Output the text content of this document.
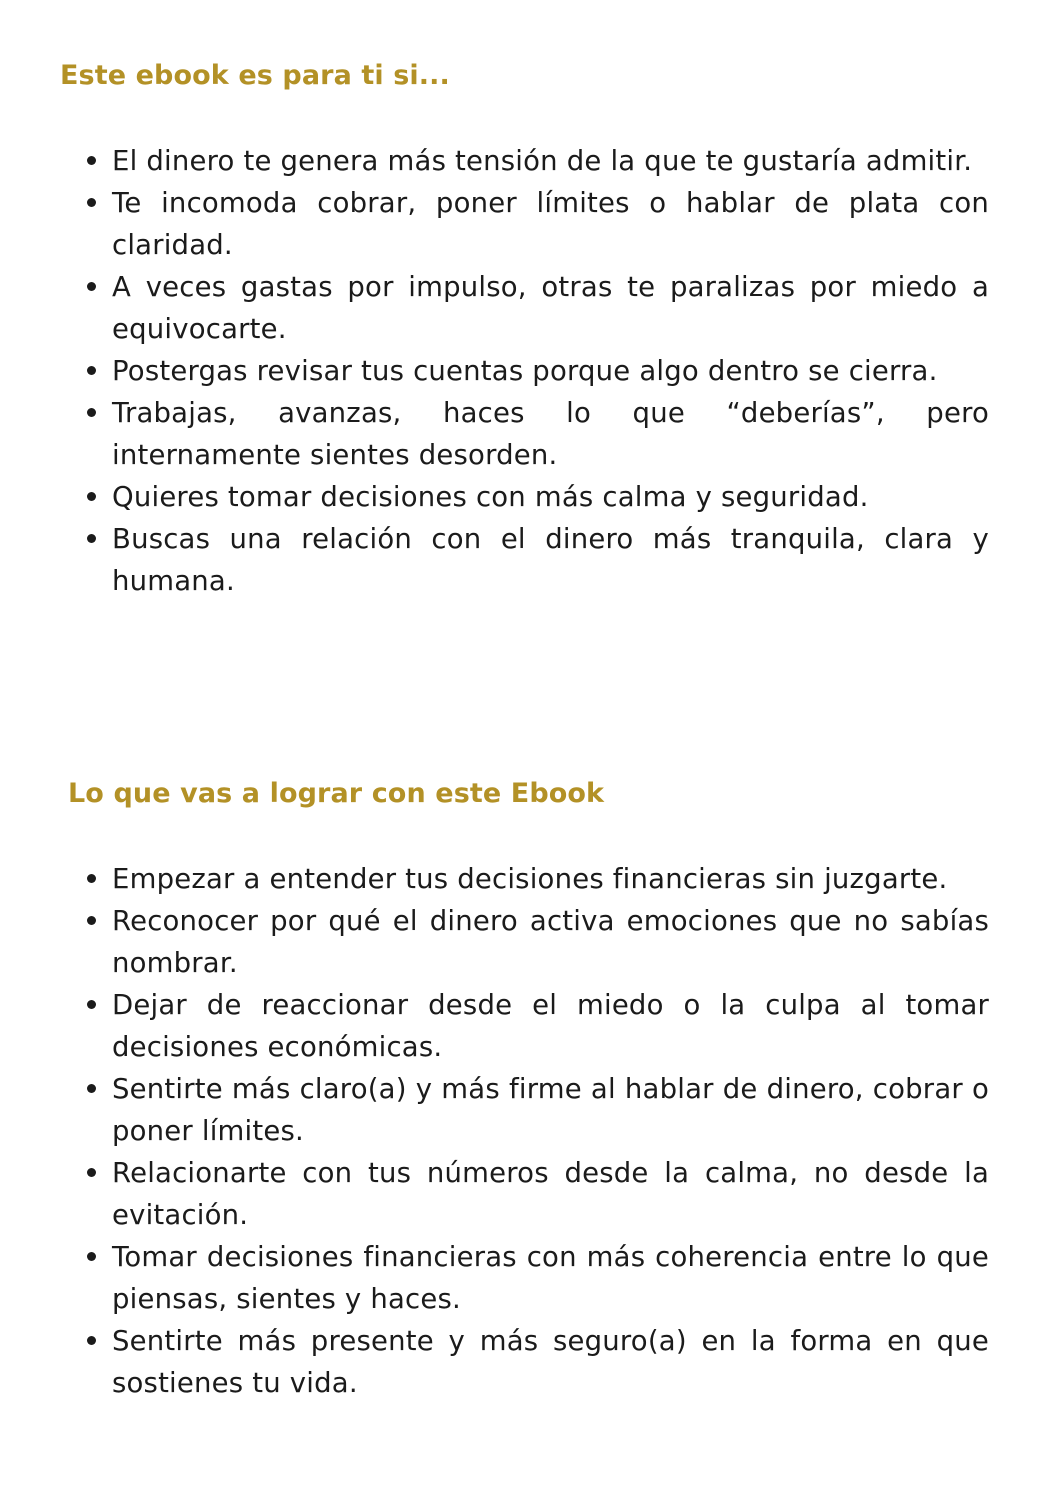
Este ebook es para ti si...
El dinero te genera más tensión de la que te gustaría admitir.
Te incomoda cobrar, poner límites o hablar de plata con claridad.
A veces gastas por impulso, otras te paralizas por miedo a equivocarte.
Postergas revisar tus cuentas porque algo dentro se cierra.
Trabajas, avanzas, haces lo que “deberías”, pero internamente sientes desorden.
Quieres tomar decisiones con más calma y seguridad.
Buscas una relación con el dinero más tranquila, clara y humana.
Lo que vas a lograr con este Ebook
Empezar a entender tus decisiones financieras sin juzgarte.
Reconocer por qué el dinero activa emociones que no sabías nombrar.
Dejar de reaccionar desde el miedo o la culpa al tomar decisiones económicas.
Sentirte más claro(a) y más firme al hablar de dinero, cobrar o poner límites.
Relacionarte con tus números desde la calma, no desde la evitación.
Tomar decisiones financieras con más coherencia entre lo que piensas, sientes y haces.
Sentirte más presente y más seguro(a) en la forma en que sostienes tu vida.
